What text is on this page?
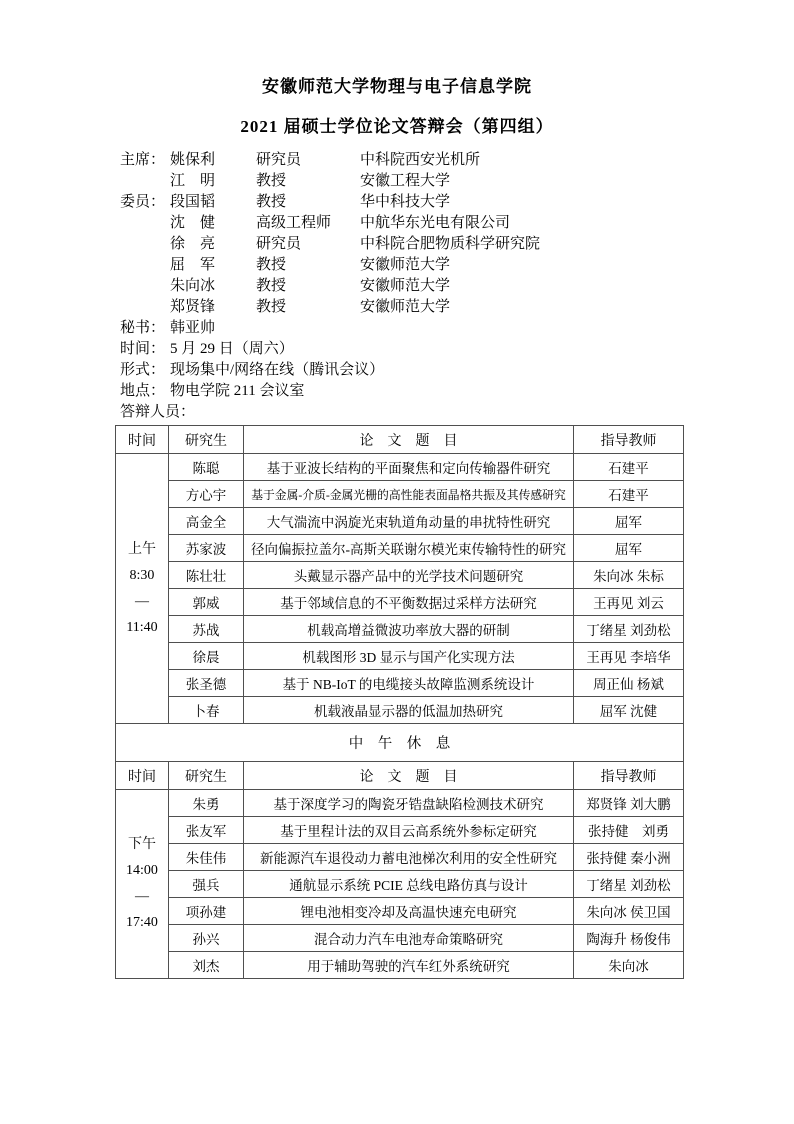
安徽师范大学物理与电子信息学院
2021 届硕士学位论文答辩会（第四组）
主席： 姚保利	研究员	中科院西安光机所
江　明	教授	安徽工程大学
委员： 段国韬	教授	华中科技大学
沈　健	高级工程师	中航华东光电有限公司
徐　亮	研究员	中科院合肥物质科学研究院
屈　军	教授	安徽师范大学
朱向冰	教授	安徽师范大学
郑贤锋	教授	安徽师范大学
秘书： 韩亚帅
时间： 5 月 29 日（周六）
形式： 现场集中/网络在线（腾讯会议）
地点： 物电学院 211 会议室
答辩人员：
时间	研究生	论　文　题　目	指导教师

上午
8:30
—
11:40	陈聪	基于亚波长结构的平面聚焦和定向传输器件研究	石建平
	方心宇	基于金属-介质-金属光栅的高性能表面晶格共振及其传感研究	石建平
	高金全	大气湍流中涡旋光束轨道角动量的串扰特性研究	屈军
	苏家波	径向偏振拉盖尔-高斯关联谢尔模光束传输特性的研究	屈军
	陈壮壮	头戴显示器产品中的光学技术问题研究	朱向冰 朱标
	郭威	基于邻域信息的不平衡数据过采样方法研究	王再见 刘云
	苏战	机载高增益微波功率放大器的研制	丁绪星 刘劲松
	徐晨	机载图形 3D 显示与国产化实现方法	王再见 李培华
	张圣德	基于 NB-IoT 的电缆接头故障监测系统设计	周正仙 杨斌
	卜春	机载液晶显示器的低温加热研究	屈军 沈健
中　午　休　息			
时间	研究生	论　文　题　目	指导教师

下午
14:00
—
17:40	朱勇	基于深度学习的陶瓷牙锆盘缺陷检测技术研究	郑贤锋 刘大鹏
	张友军	基于里程计法的双目云高系统外参标定研究	张持健　刘勇
	朱佳伟	新能源汽车退役动力蓄电池梯次利用的安全性研究	张持健 秦小洲
	强兵	通航显示系统 PCIE 总线电路仿真与设计	丁绪星 刘劲松
	项孙建	锂电池相变冷却及高温快速充电研究	朱向冰 侯卫国
	孙兴	混合动力汽车电池寿命策略研究	陶海升 杨俊伟
	刘杰	用于辅助驾驶的汽车红外系统研究	朱向冰
